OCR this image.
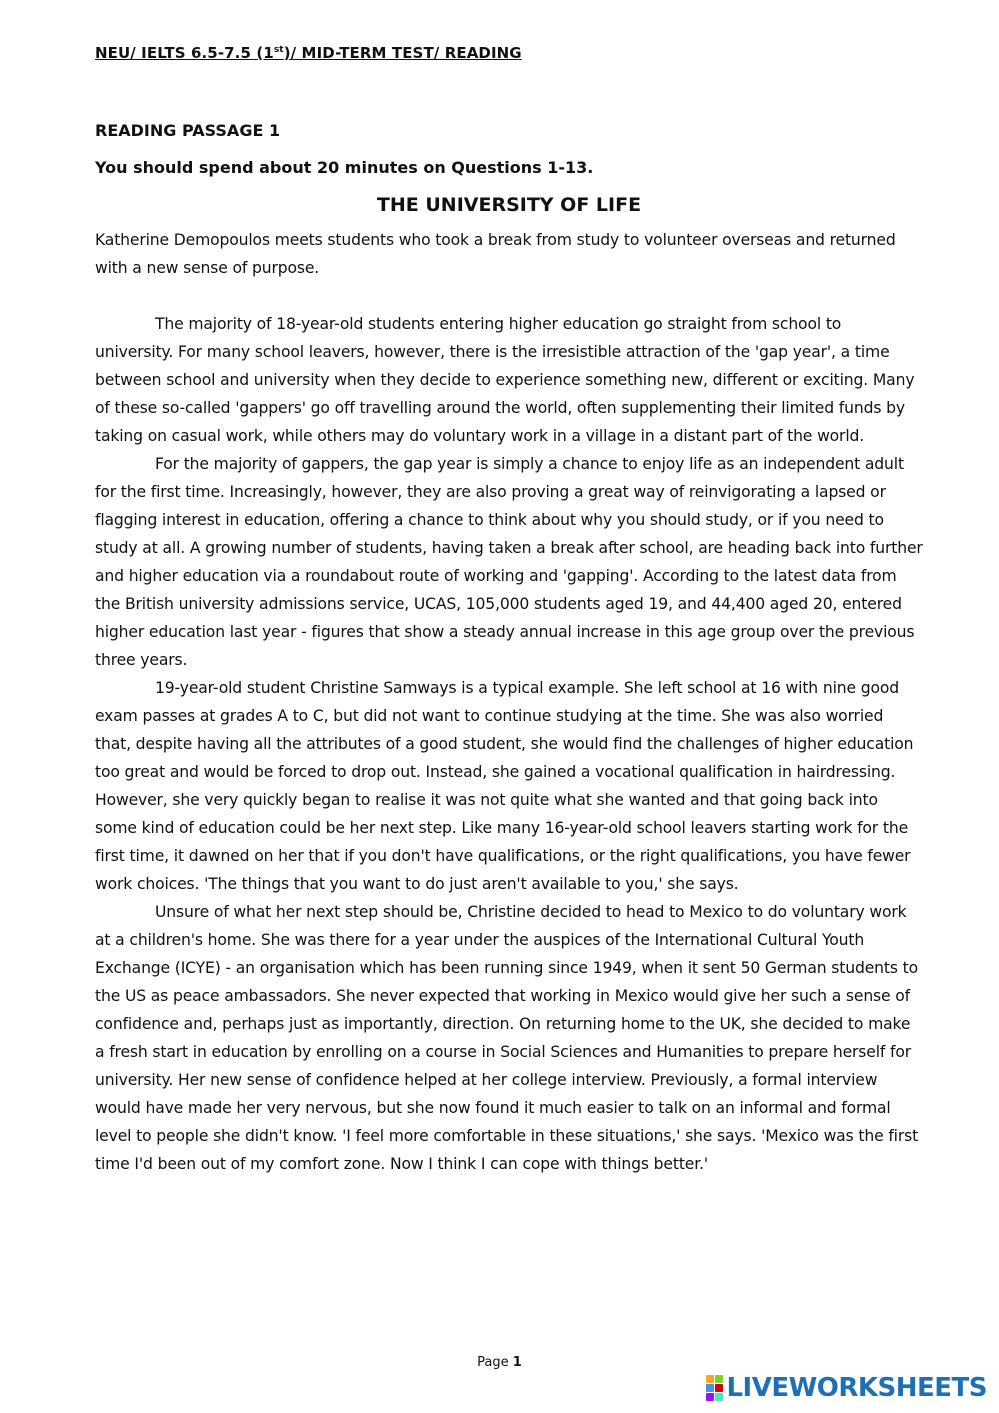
NEU/ IELTS 6.5-7.5 (1st)/ MID-TERM TEST/ READING
READING PASSAGE 1
You should spend about 20 minutes on Questions 1-13.
THE UNIVERSITY OF LIFE

Katherine Demopoulos meets students who took a break from study to volunteer overseas and returned with a new sense of purpose.

The majority of 18-year-old students entering higher education go straight from school to university. For many school leavers, however, there is the irresistible attraction of the 'gap year', a time between school and university when they decide to experience something new, different or exciting. Many of these so-called 'gappers' go off travelling around the world, often supplementing their limited funds by taking on casual work, while others may do voluntary work in a village in a distant part of the world.

For the majority of gappers, the gap year is simply a chance to enjoy life as an independent adult for the first time. Increasingly, however, they are also proving a great way of reinvigorating a lapsed or flagging interest in education, offering a chance to think about why you should study, or if you need to study at all. A growing number of students, having taken a break after school, are heading back into further and higher education via a roundabout route of working and 'gapping'. According to the latest data from the British university admissions service, UCAS, 105,000 students aged 19, and 44,400 aged 20, entered higher education last year - figures that show a steady annual increase in this age group over the previous three years.

19-year-old student Christine Samways is a typical example. She left school at 16 with nine good exam passes at grades A to C, but did not want to continue studying at the time. She was also worried that, despite having all the attributes of a good student, she would find the challenges of higher education too great and would be forced to drop out. Instead, she gained a vocational qualification in hairdressing. However, she very quickly began to realise it was not quite what she wanted and that going back into some kind of education could be her next step. Like many 16-year-old school leavers starting work for the first time, it dawned on her that if you don't have qualifications, or the right qualifications, you have fewer work choices. 'The things that you want to do just aren't available to you,' she says.

Unsure of what her next step should be, Christine decided to head to Mexico to do voluntary work at a children's home. She was there for a year under the auspices of the International Cultural Youth Exchange (ICYE) - an organisation which has been running since 1949, when it sent 50 German students to the US as peace ambassadors. She never expected that working in Mexico would give her such a sense of confidence and, perhaps just as importantly, direction. On returning home to the UK, she decided to make a fresh start in education by enrolling on a course in Social Sciences and Humanities to prepare herself for university. Her new sense of confidence helped at her college interview. Previously, a formal interview would have made her very nervous, but she now found it much easier to talk on an informal and formal level to people she didn't know. 'I feel more comfortable in these situations,' she says. 'Mexico was the first time I'd been out of my comfort zone. Now I think I can cope with things better.'

Page 1
LIVEWORKSHEETS
